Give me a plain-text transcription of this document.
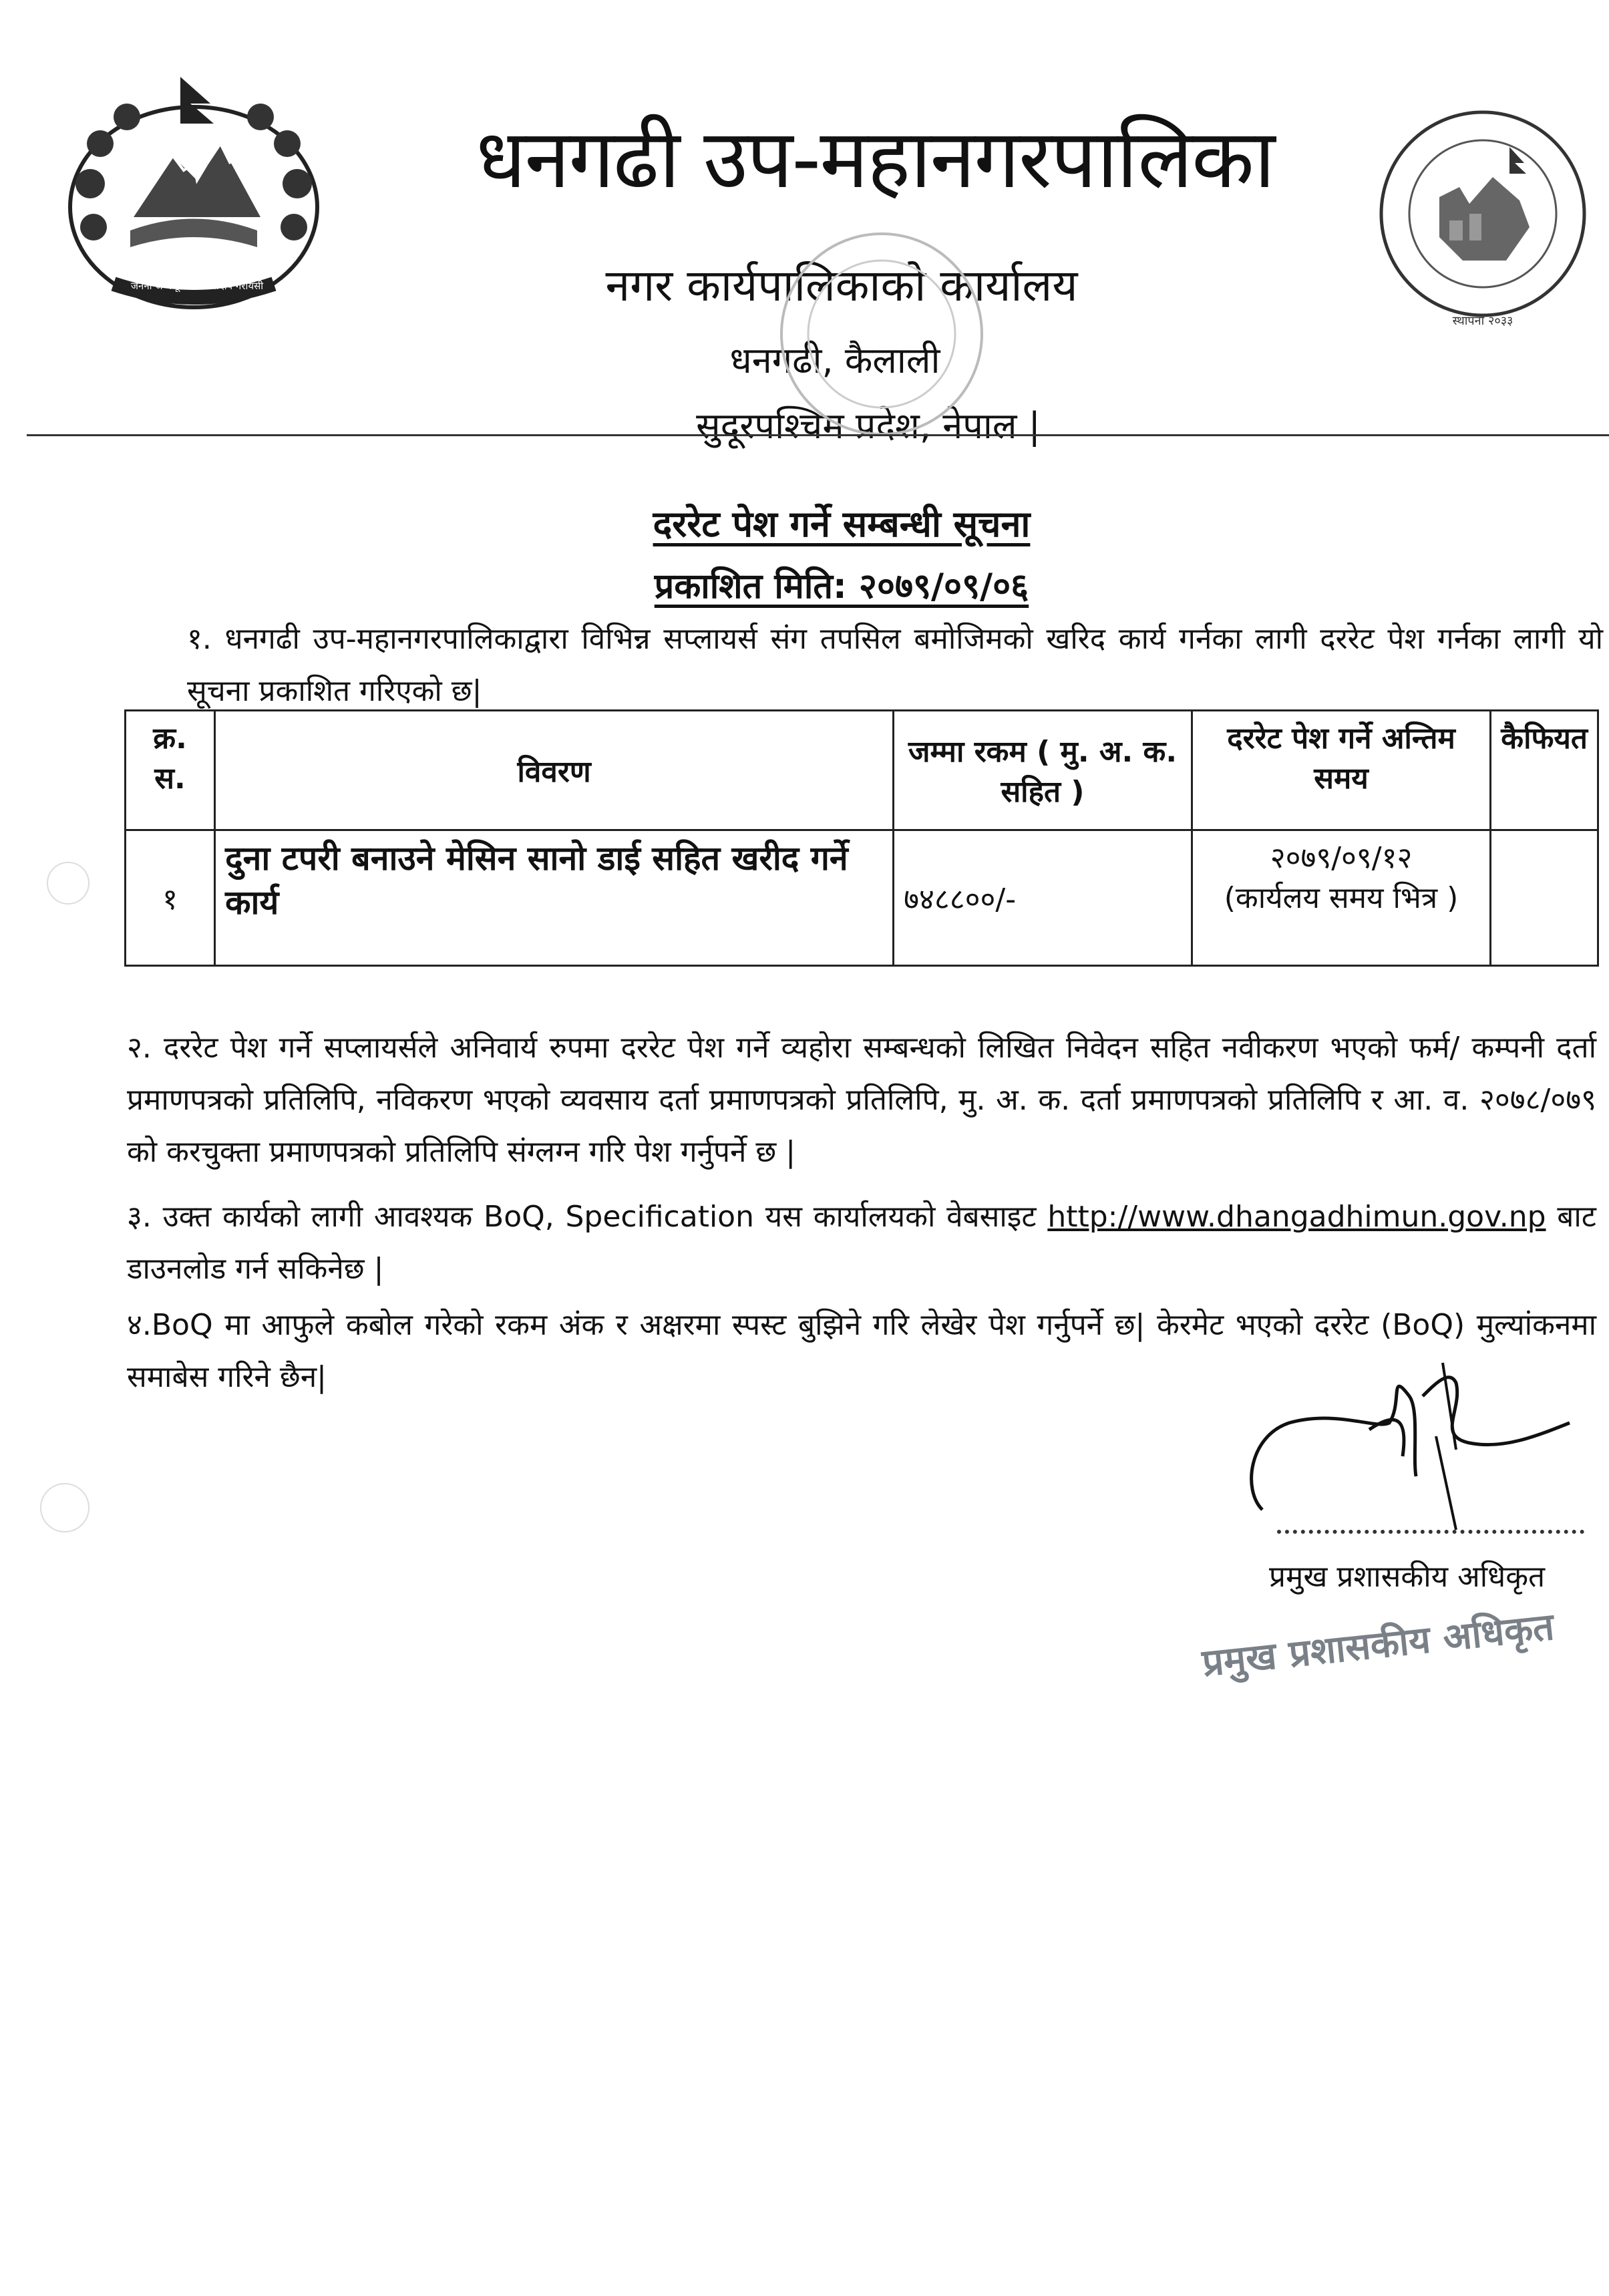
जननी जन्मभूमिश्च स्वर्गादपि गरीयसी
स्थापना २०३३
धनगढी उप-महानगरपालिका
नगर कार्यपालिकाको कार्यालय
धनगढी, कैलाली
सुदूरपश्चिम प्रदेश, नेपाल |
दररेट पेश गर्ने सम्बन्धी सूचना
प्रकाशित मिति: २०७९/०९/०६
१. धनगढी उप-महानगरपालिकाद्वारा विभिन्न सप्लायर्स संग तपसिल बमोजिमको खरिद कार्य गर्नका लागी दररेट पेश गर्नका लागी यो सूचना प्रकाशित गरिएको छ|
क्र. स.	विवरण	जम्मा रकम ( मु. अ. क. सहित )	दररेट पेश गर्ने अन्तिम समय	कैफियत
१	दुना टपरी बनाउने मेसिन सानो डाई सहित खरीद गर्ने कार्य	७४८८००/-	२०७९/०९/१२
(कार्यलय समय भित्र )	

२. दररेट पेश गर्ने सप्लायर्सले अनिवार्य रुपमा दररेट पेश गर्ने व्यहोरा सम्बन्धको लिखित निवेदन सहित नवीकरण भएको फर्म/ कम्पनी दर्ता प्रमाणपत्रको प्रतिलिपि, नविकरण भएको व्यवसाय दर्ता प्रमाणपत्रको प्रतिलिपि, मु. अ. क. दर्ता प्रमाणपत्रको प्रतिलिपि र आ. व. २०७८/०७९ को करचुक्ता प्रमाणपत्रको प्रतिलिपि संग्लग्न गरि पेश गर्नुपर्ने छ |
३. उक्त कार्यको लागी आवश्यक BoQ, Specification यस कार्यालयको वेबसाइट http://www.dhangadhimun.gov.np बाट डाउनलोड गर्न सकिनेछ |
४.BoQ मा आफुले कबोल गरेको रकम अंक र अक्षरमा स्पस्ट बुझिने गरि लेखेर पेश गर्नुपर्ने छ| केरमेट भएको दररेट (BoQ) मुल्यांकनमा समाबेस गरिने छैन|
प्रमुख प्रशासकीय अधिकृत
प्रमुख प्रशासकीय अधिकृत
